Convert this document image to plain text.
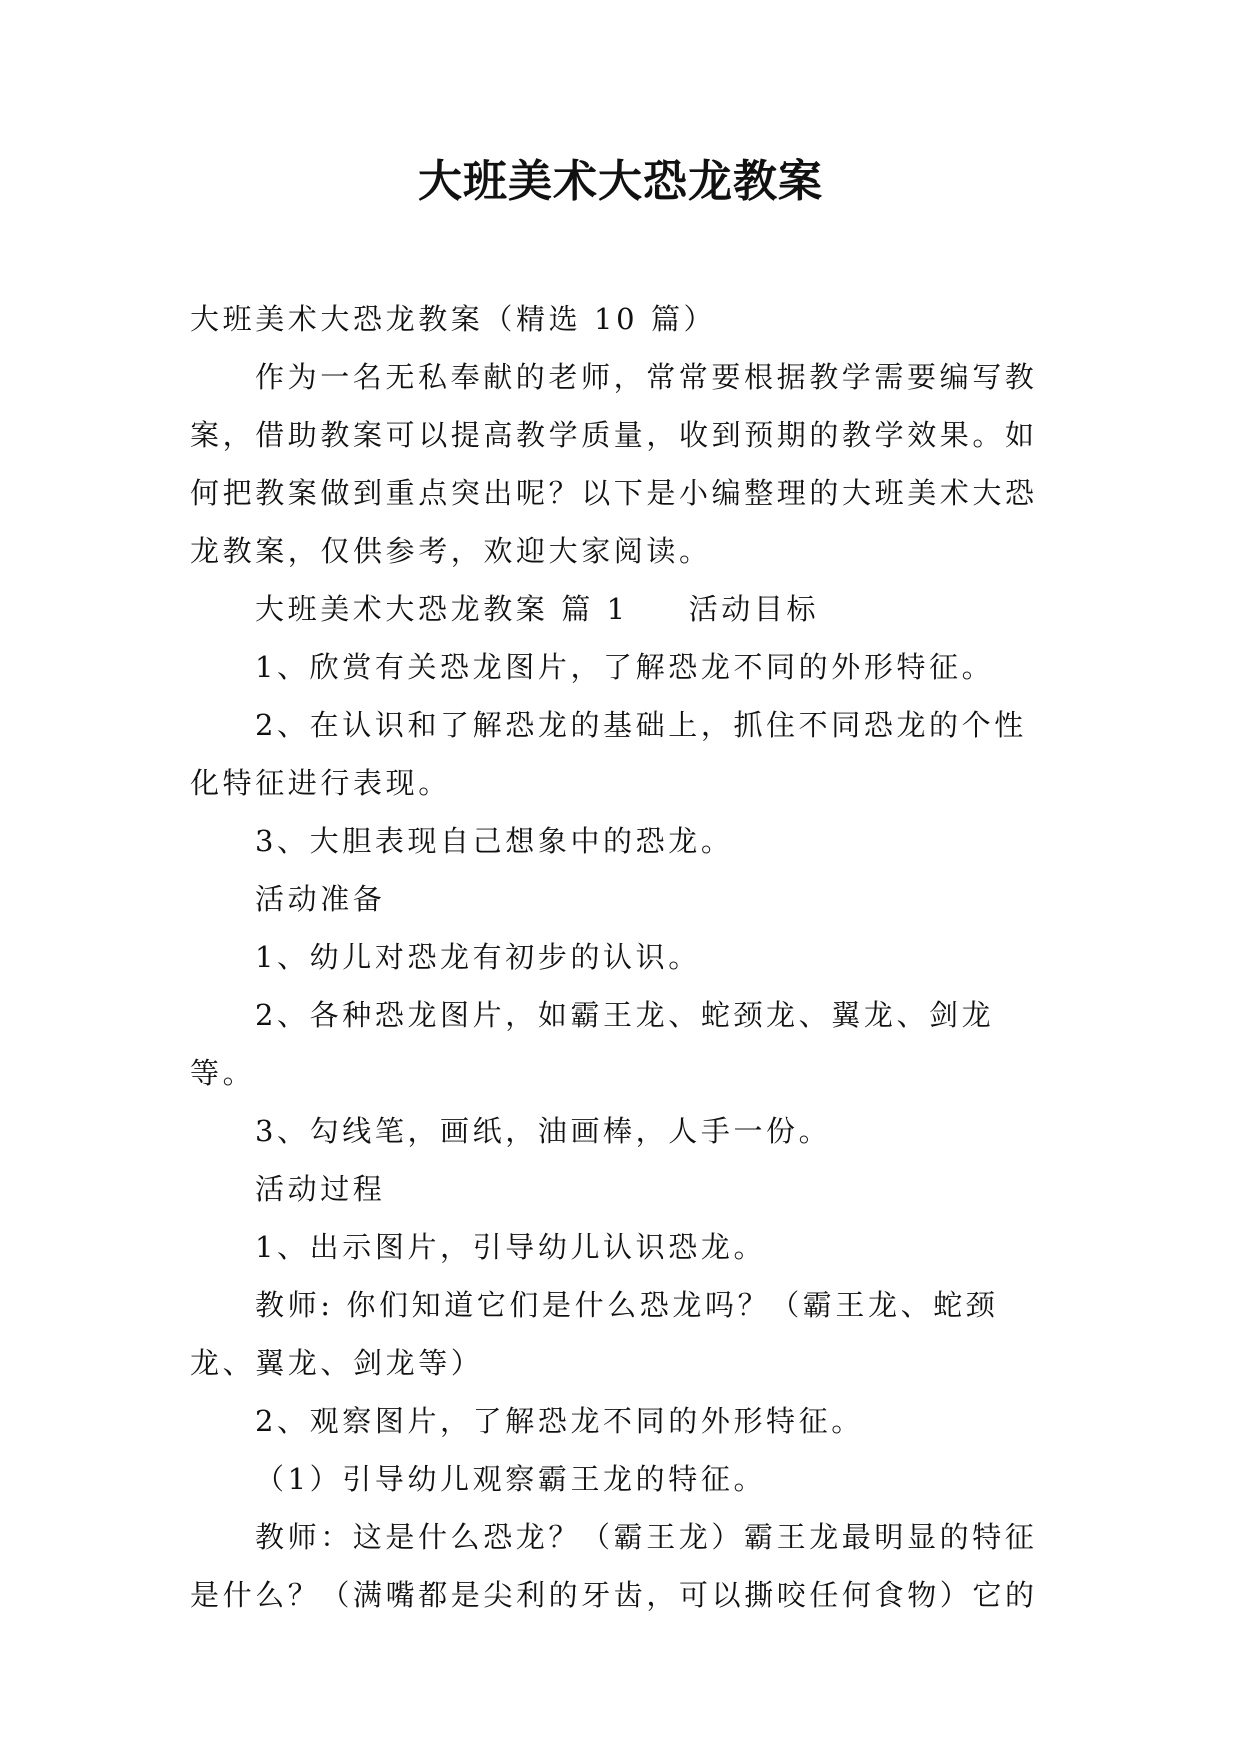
大班美术大恐龙教案

大班美术大恐龙教案（精选 10 篇）

作为一名无私奉献的老师，常常要根据教学需要编写教案，借助教案可以提高教学质量，收到预期的教学效果。如何把教案做到重点突出呢？以下是小编整理的大班美术大恐龙教案，仅供参考，欢迎大家阅读。

大班美术大恐龙教案 篇 1 活动目标

1、欣赏有关恐龙图片，了解恐龙不同的外形特征。

2、在认识和了解恐龙的基础上，抓住不同恐龙的个性化特征进行表现。

3、大胆表现自己想象中的恐龙。

活动准备

1、幼儿对恐龙有初步的认识。

2、各种恐龙图片，如霸王龙、蛇颈龙、翼龙、剑龙等。

3、勾线笔，画纸，油画棒，人手一份。

活动过程

1、出示图片，引导幼儿认识恐龙。

教师: 你们知道它们是什么恐龙吗？（霸王龙、蛇颈龙、翼龙、剑龙等）

2、观察图片，了解恐龙不同的外形特征。

（1）引导幼儿观察霸王龙的特征。

教师：这是什么恐龙？（霸王龙）霸王龙最明显的特征是什么？（满嘴都是尖利的牙齿，可以撕咬任何食物）它的
